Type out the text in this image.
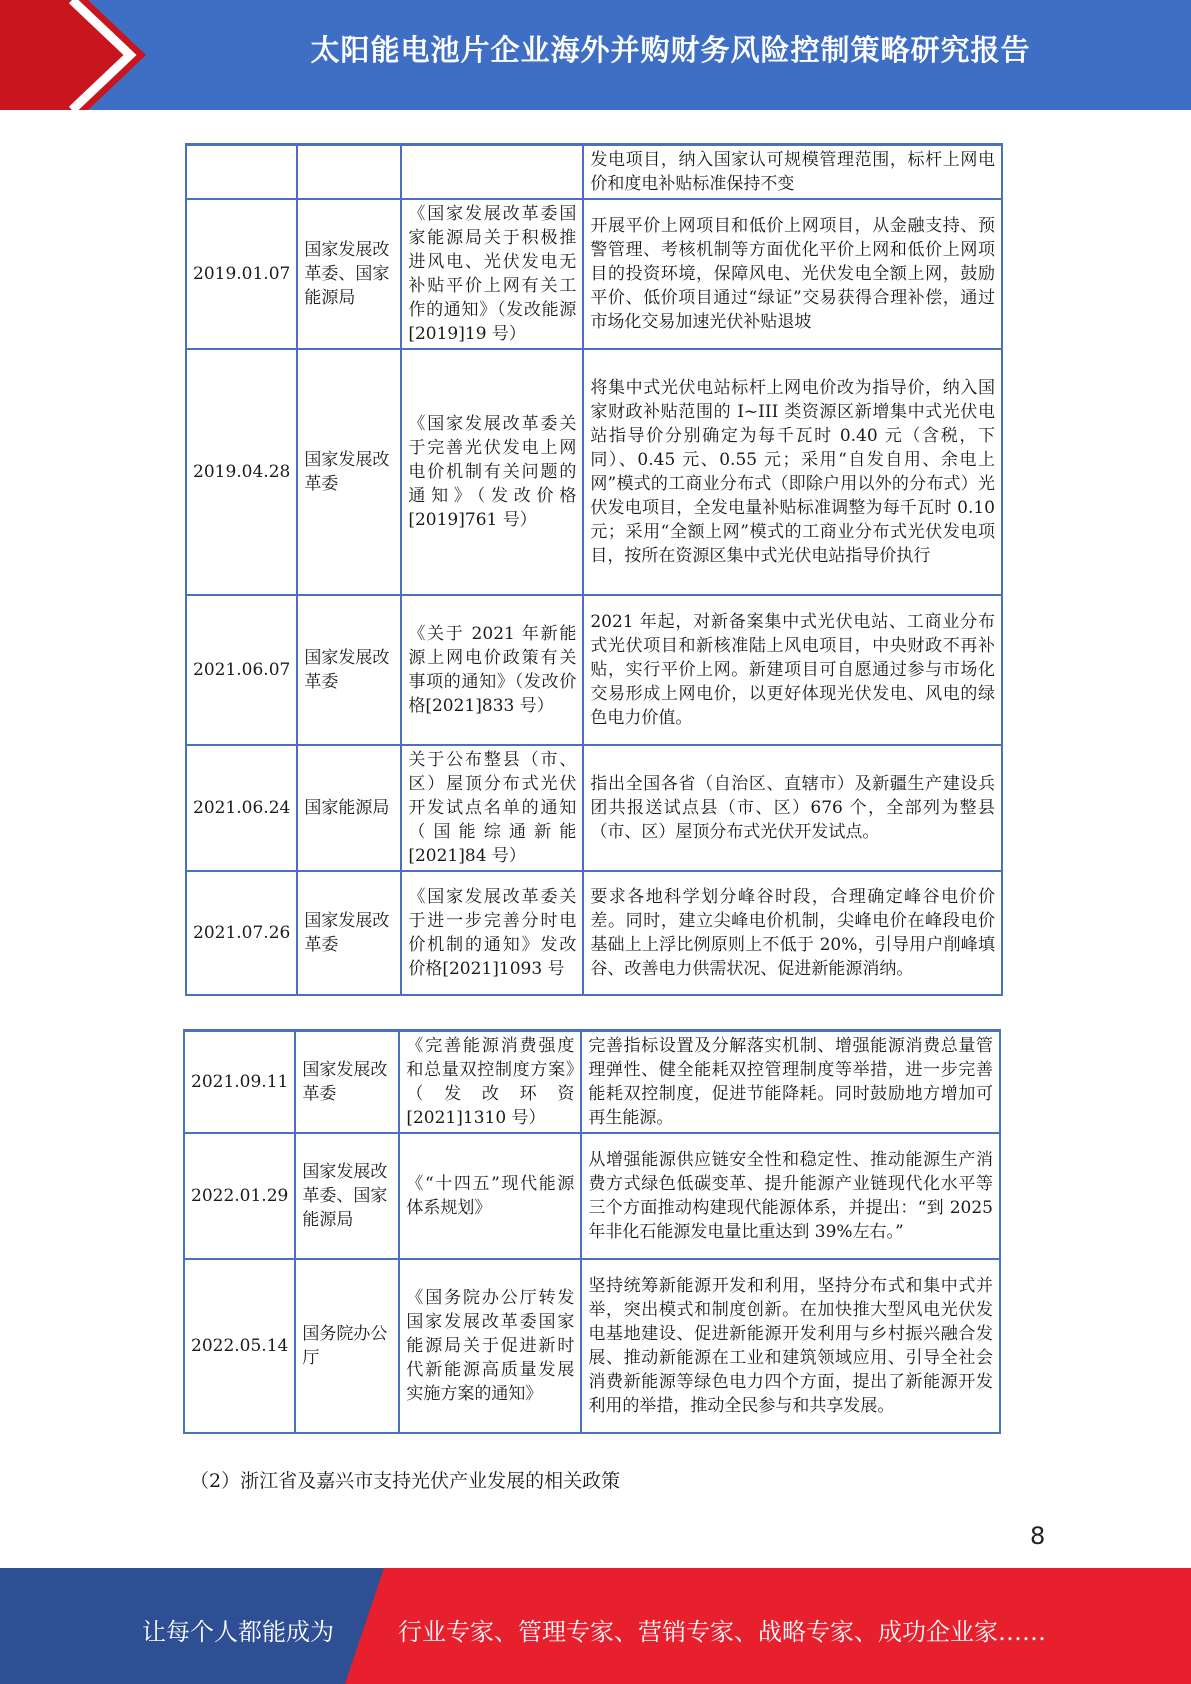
太阳能电池片企业海外并购财务风险控制策略研究报告
			发电项目，纳入国家认可规模管理范围，标杆上网电价和度电补贴标准保持不变
2019.01.07	国家发展改革委、国家能源局	《国家发展改革委国家能源局关于积极推进风电、光伏发电无补贴平价上网有关工作的通知》（发改能源[2019]19 号）	开展平价上网项目和低价上网项目，从金融支持、预警管理、考核机制等方面优化平价上网和低价上网项目的投资环境，保障风电、光伏发电全额上网，鼓励平价、低价项目通过“绿证”交易获得合理补偿，通过市场化交易加速光伏补贴退坡
2019.04.28	国家发展改革委	《国家发展改革委关于完善光伏发电上网电价机制有关问题的通知》（发改价格[2019]761 号）	将集中式光伏电站标杆上网电价改为指导价，纳入国家财政补贴范围的 I~III 类资源区新增集中式光伏电站指导价分别确定为每千瓦时 0.40 元（含税，下同）、0.45 元、0.55 元；采用“自发自用、余电上网”模式的工商业分布式（即除户用以外的分布式）光伏发电项目，全发电量补贴标准调整为每千瓦时 0.10 元；采用“全额上网”模式的工商业分布式光伏发电项目，按所在资源区集中式光伏电站指导价执行
2021.06.07	国家发展改革委	《关于 2021 年新能源上网电价政策有关事项的通知》（发改价格[2021]833 号）	2021 年起，对新备案集中式光伏电站、工商业分布式光伏项目和新核准陆上风电项目，中央财政不再补贴，实行平价上网。新建项目可自愿通过参与市场化交易形成上网电价，以更好体现光伏发电、风电的绿色电力价值。
2021.06.24	国家能源局	关于公布整县（市、区）屋顶分布式光伏开发试点名单的通知（国能综通新能[2021]84 号）	指出全国各省（自治区、直辖市）及新疆生产建设兵团共报送试点县（市、区）676 个，全部列为整县（市、区）屋顶分布式光伏开发试点。
2021.07.26	国家发展改革委	《国家发展改革委关于进一步完善分时电价机制的通知》发改价格[2021]1093 号	要求各地科学划分峰谷时段，合理确定峰谷电价价差。同时，建立尖峰电价机制，尖峰电价在峰段电价基础上上浮比例原则上不低于 20%，引导用户削峰填谷、改善电力供需状况、促进新能源消纳。
2021.09.11	国家发展改革委	《完善能源消费强度和总量双控制度方案》（发改环资[2021]1310 号）	完善指标设置及分解落实机制、增强能源消费总量管理弹性、健全能耗双控管理制度等举措，进一步完善能耗双控制度，促进节能降耗。同时鼓励地方增加可再生能源。
2022.01.29	国家发展改革委、国家能源局	《“十四五”现代能源体系规划》	从增强能源供应链安全性和稳定性、推动能源生产消费方式绿色低碳变革、提升能源产业链现代化水平等三个方面推动构建现代能源体系，并提出：“到 2025 年非化石能源发电量比重达到 39%左右。”
2022.05.14	国务院办公厅	《国务院办公厅转发国家发展改革委国家能源局关于促进新时代新能源高质量发展实施方案的通知》	坚持统筹新能源开发和利用，坚持分布式和集中式并举，突出模式和制度创新。在加快推大型风电光伏发电基地建设、促进新能源开发利用与乡村振兴融合发展、推动新能源在工业和建筑领域应用、引导全社会消费新能源等绿色电力四个方面，提出了新能源开发利用的举措，推动全民参与和共享发展。
（2）浙江省及嘉兴市支持光伏产业发展的相关政策
8
让每个人都能成为	行业专家、管理专家、营销专家、战略专家、成功企业家……
